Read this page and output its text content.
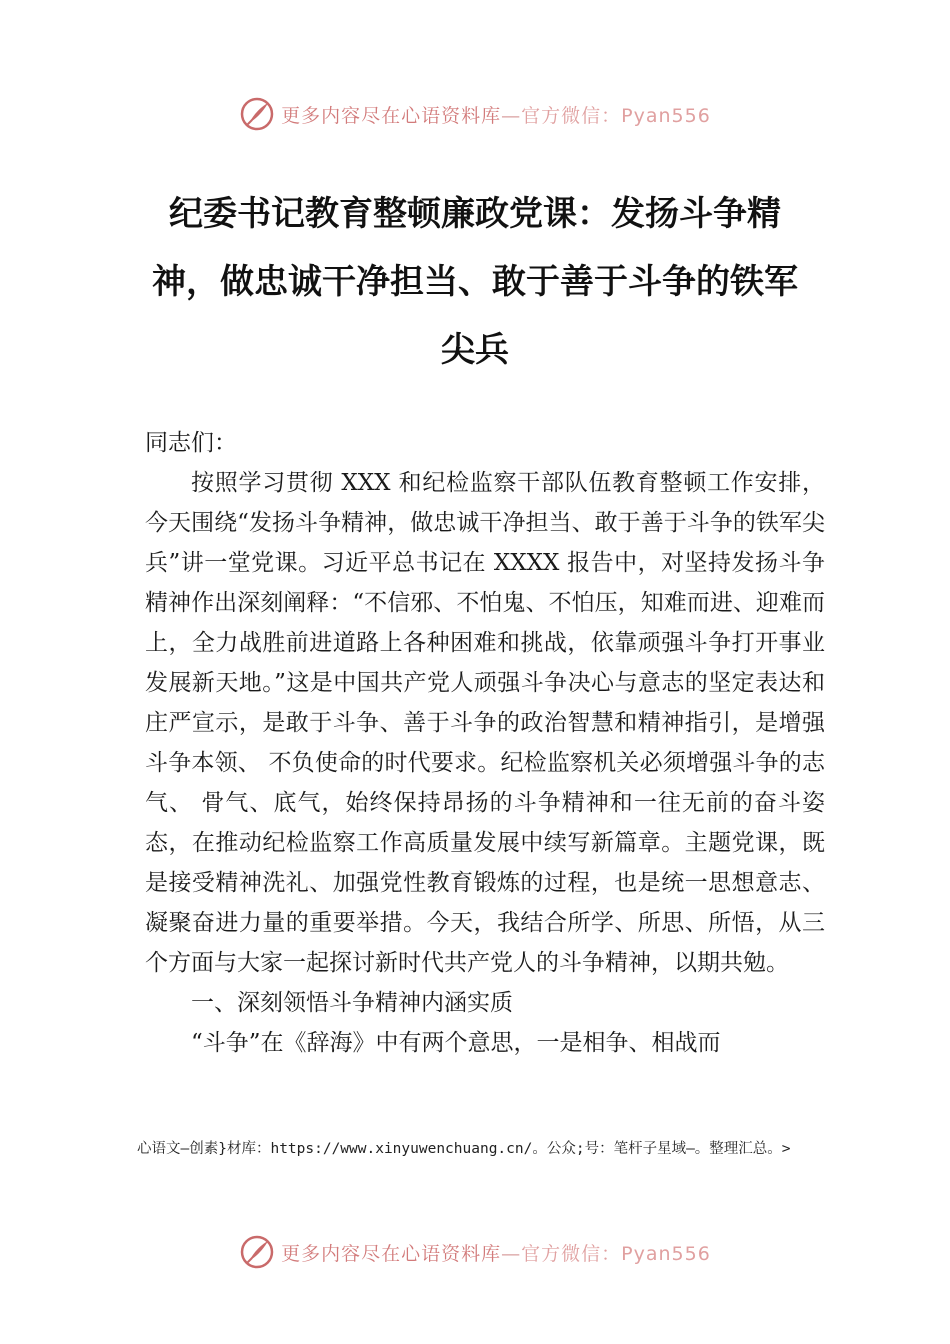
更多内容尽在心语资料库—官方微信：Pyan556
纪委书记教育整顿廉政党课：发扬斗争精神，做忠诚干净担当、敢于善于斗争的铁军尖兵

同志们：

按照学习贯彻 XXX 和纪检监察干部队伍教育整顿工作安排，今天围绕“发扬斗争精神，做忠诚干净担当、敢于善于斗争的铁军尖兵”讲一堂党课。习近平总书记在 XXXX 报告中，对坚持发扬斗争精神作出深刻阐释：“不信邪、不怕鬼、不怕压，知难而进、迎难而上，全力战胜前进道路上各种困难和挑战，依靠顽强斗争打开事业发展新天地。”这是中国共产党人顽强斗争决心与意志的坚定表达和庄严宣示，是敢于斗争、善于斗争的政治智慧和精神指引，是增强斗争本领、 不负使命的时代要求。纪检监察机关必须增强斗争的志气、 骨气、底气，始终保持昂扬的斗争精神和一往无前的奋斗姿态，在推动纪检监察工作高质量发展中续写新篇章。主题党课，既是接受精神洗礼、加强党性教育锻炼的过程，也是统一思想意志、凝聚奋进力量的重要举措。今天，我结合所学、所思、所悟，从三个方面与大家一起探讨新时代共产党人的斗争精神，以期共勉。

一、深刻领悟斗争精神内涵实质

“斗争”在《辞海》中有两个意思，一是相争、相战而

心语文—创素}材库：https://www.xinyuwenchuang.cn/。公众;号：笔杆子星域—。整理汇总。>
更多内容尽在心语资料库—官方微信：Pyan556
